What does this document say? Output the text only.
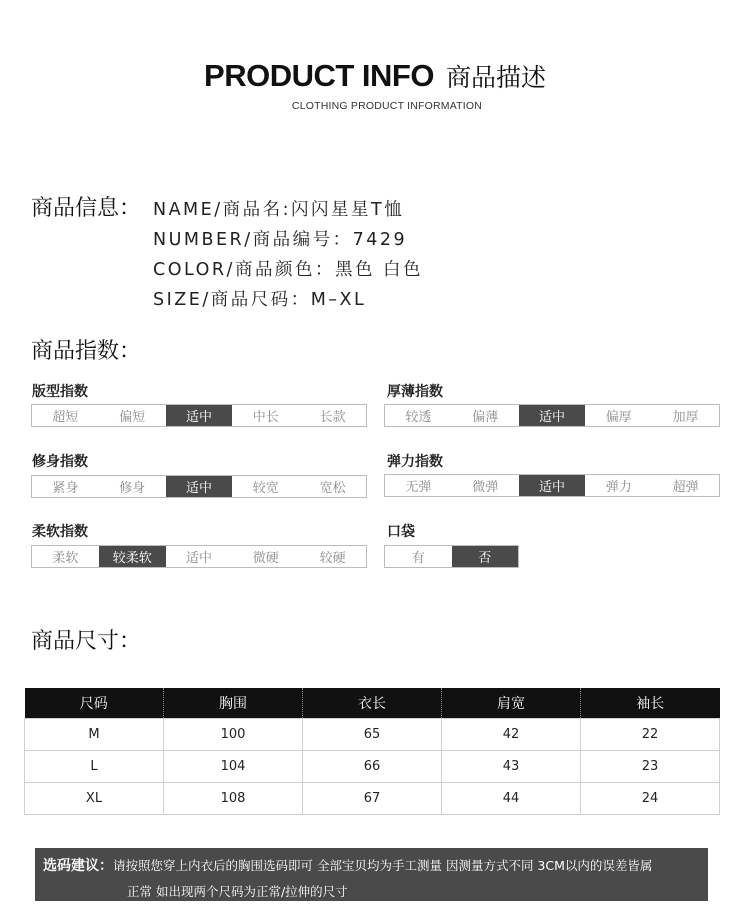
PRODUCT INFO 商品描述
CLOTHING PRODUCT INFORMATION
商品信息： NAME/商品名:闪闪星星T恤
NUMBER/商品编号：7429
COLOR/商品颜色：黑色 白色
SIZE/商品尺码：M–XL
商品指数：
版型指数
超短	偏短	适中	中长	长款
厚薄指数
较透	偏薄	适中	偏厚	加厚
修身指数
紧身	修身	适中	较宽	宽松
弹力指数
无弹	微弹	适中	弹力	超弹
柔软指数
柔软	较柔软	适中	微硬	较硬
口袋
有	否
商品尺寸：
尺码	胸围	衣长	肩宽	袖长
M	100	65	42	22
L	104	66	43	23
XL	108	67	44	24
选码建议：请按照您穿上内衣后的胸围选码即可 全部宝贝均为手工测量 因测量方式不同 3CM以内的误差皆属
正常 如出现两个尺码为正常/拉伸的尺寸
